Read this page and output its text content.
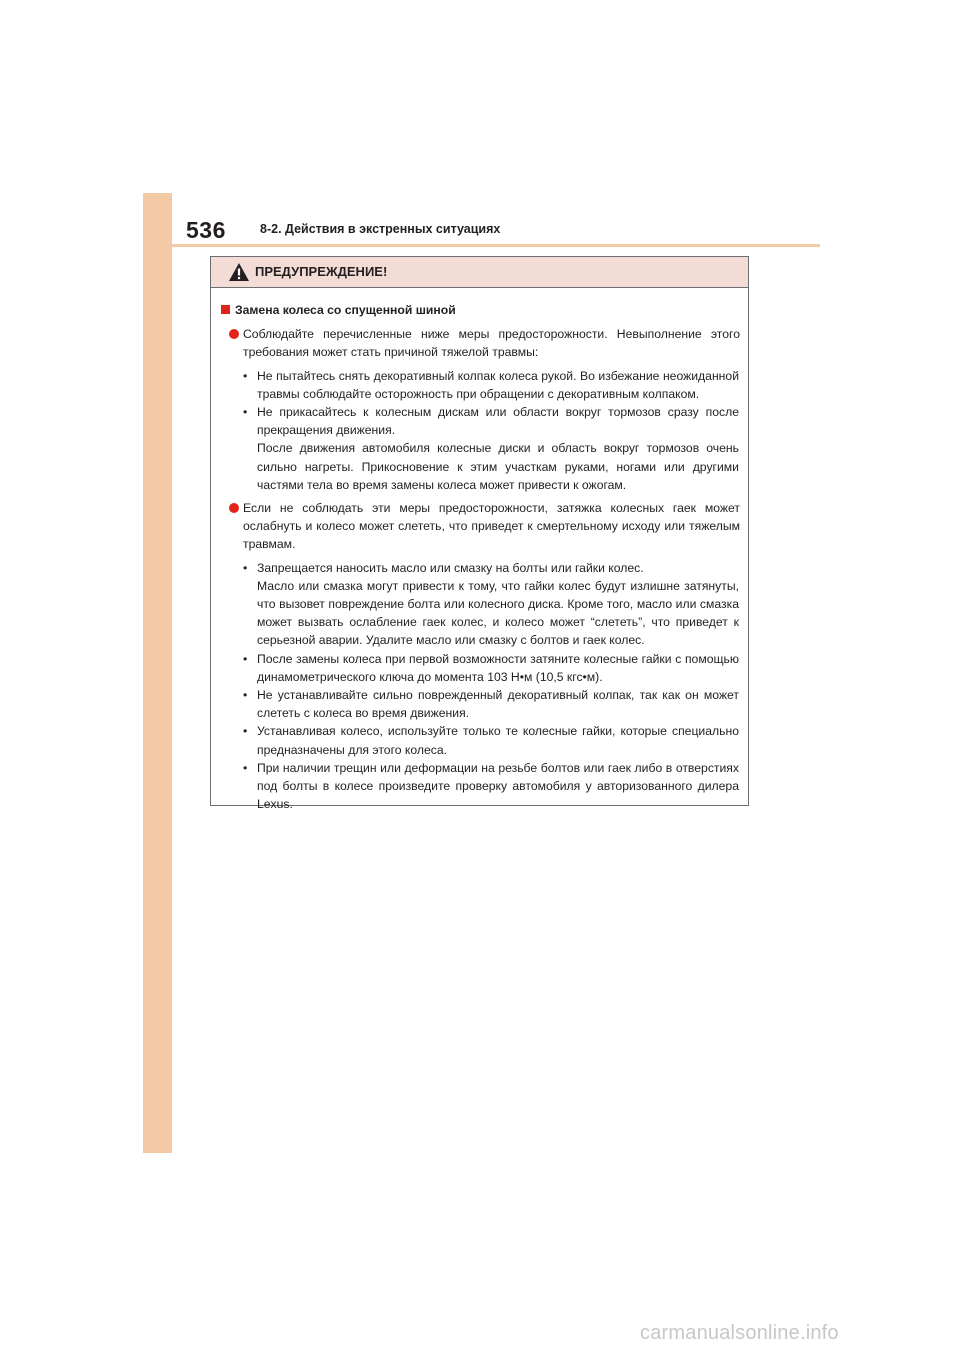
536	8-2. Действия в экстренных ситуациях
ПРЕДУПРЕЖДЕНИЕ!
Замена колеса со спущенной шиной

Соблюдайте перечисленные ниже меры предосторожности. Невыполнение этого требования может стать причиной тяжелой травмы:

• Не пытайтесь снять декоративный колпак колеса рукой. Во избежание неожиданной травмы соблюдайте осторожность при обращении с декоративным колпаком.

• Не прикасайтесь к колесным дискам или области вокруг тормозов сразу после прекращения движения.

После движения автомобиля колесные диски и область вокруг тормозов очень сильно нагреты. Прикосновение к этим участкам руками, ногами или другими частями тела во время замены колеса может привести к ожогам.

Если не соблюдать эти меры предосторожности, затяжка колесных гаек может ослабнуть и колесо может слететь, что приведет к смертельному исходу или тяжелым травмам.

• Запрещается наносить масло или смазку на болты или гайки колес.

Масло или смазка могут привести к тому, что гайки колес будут излишне затянуты, что вызовет повреждение болта или колесного диска. Кроме того, масло или смазка может вызвать ослабление гаек колес, и колесо может “слететь”, что приведет к серьезной аварии. Удалите масло или смазку с болтов и гаек колес.

• После замены колеса при первой возможности затяните колесные гайки с помощью динамометрического ключа до момента 103 Н•м (10,5 кгс•м).

• Не устанавливайте сильно поврежденный декоративный колпак, так как он может слететь с колеса во время движения.

• Устанавливая колесо, используйте только те колесные гайки, которые специально предназначены для этого колеса.

• При наличии трещин или деформации на резьбе болтов или гаек либо в отверстиях под болты в колесе произведите проверку автомобиля у авторизованного дилера Lexus.

carmanualsonline.info
